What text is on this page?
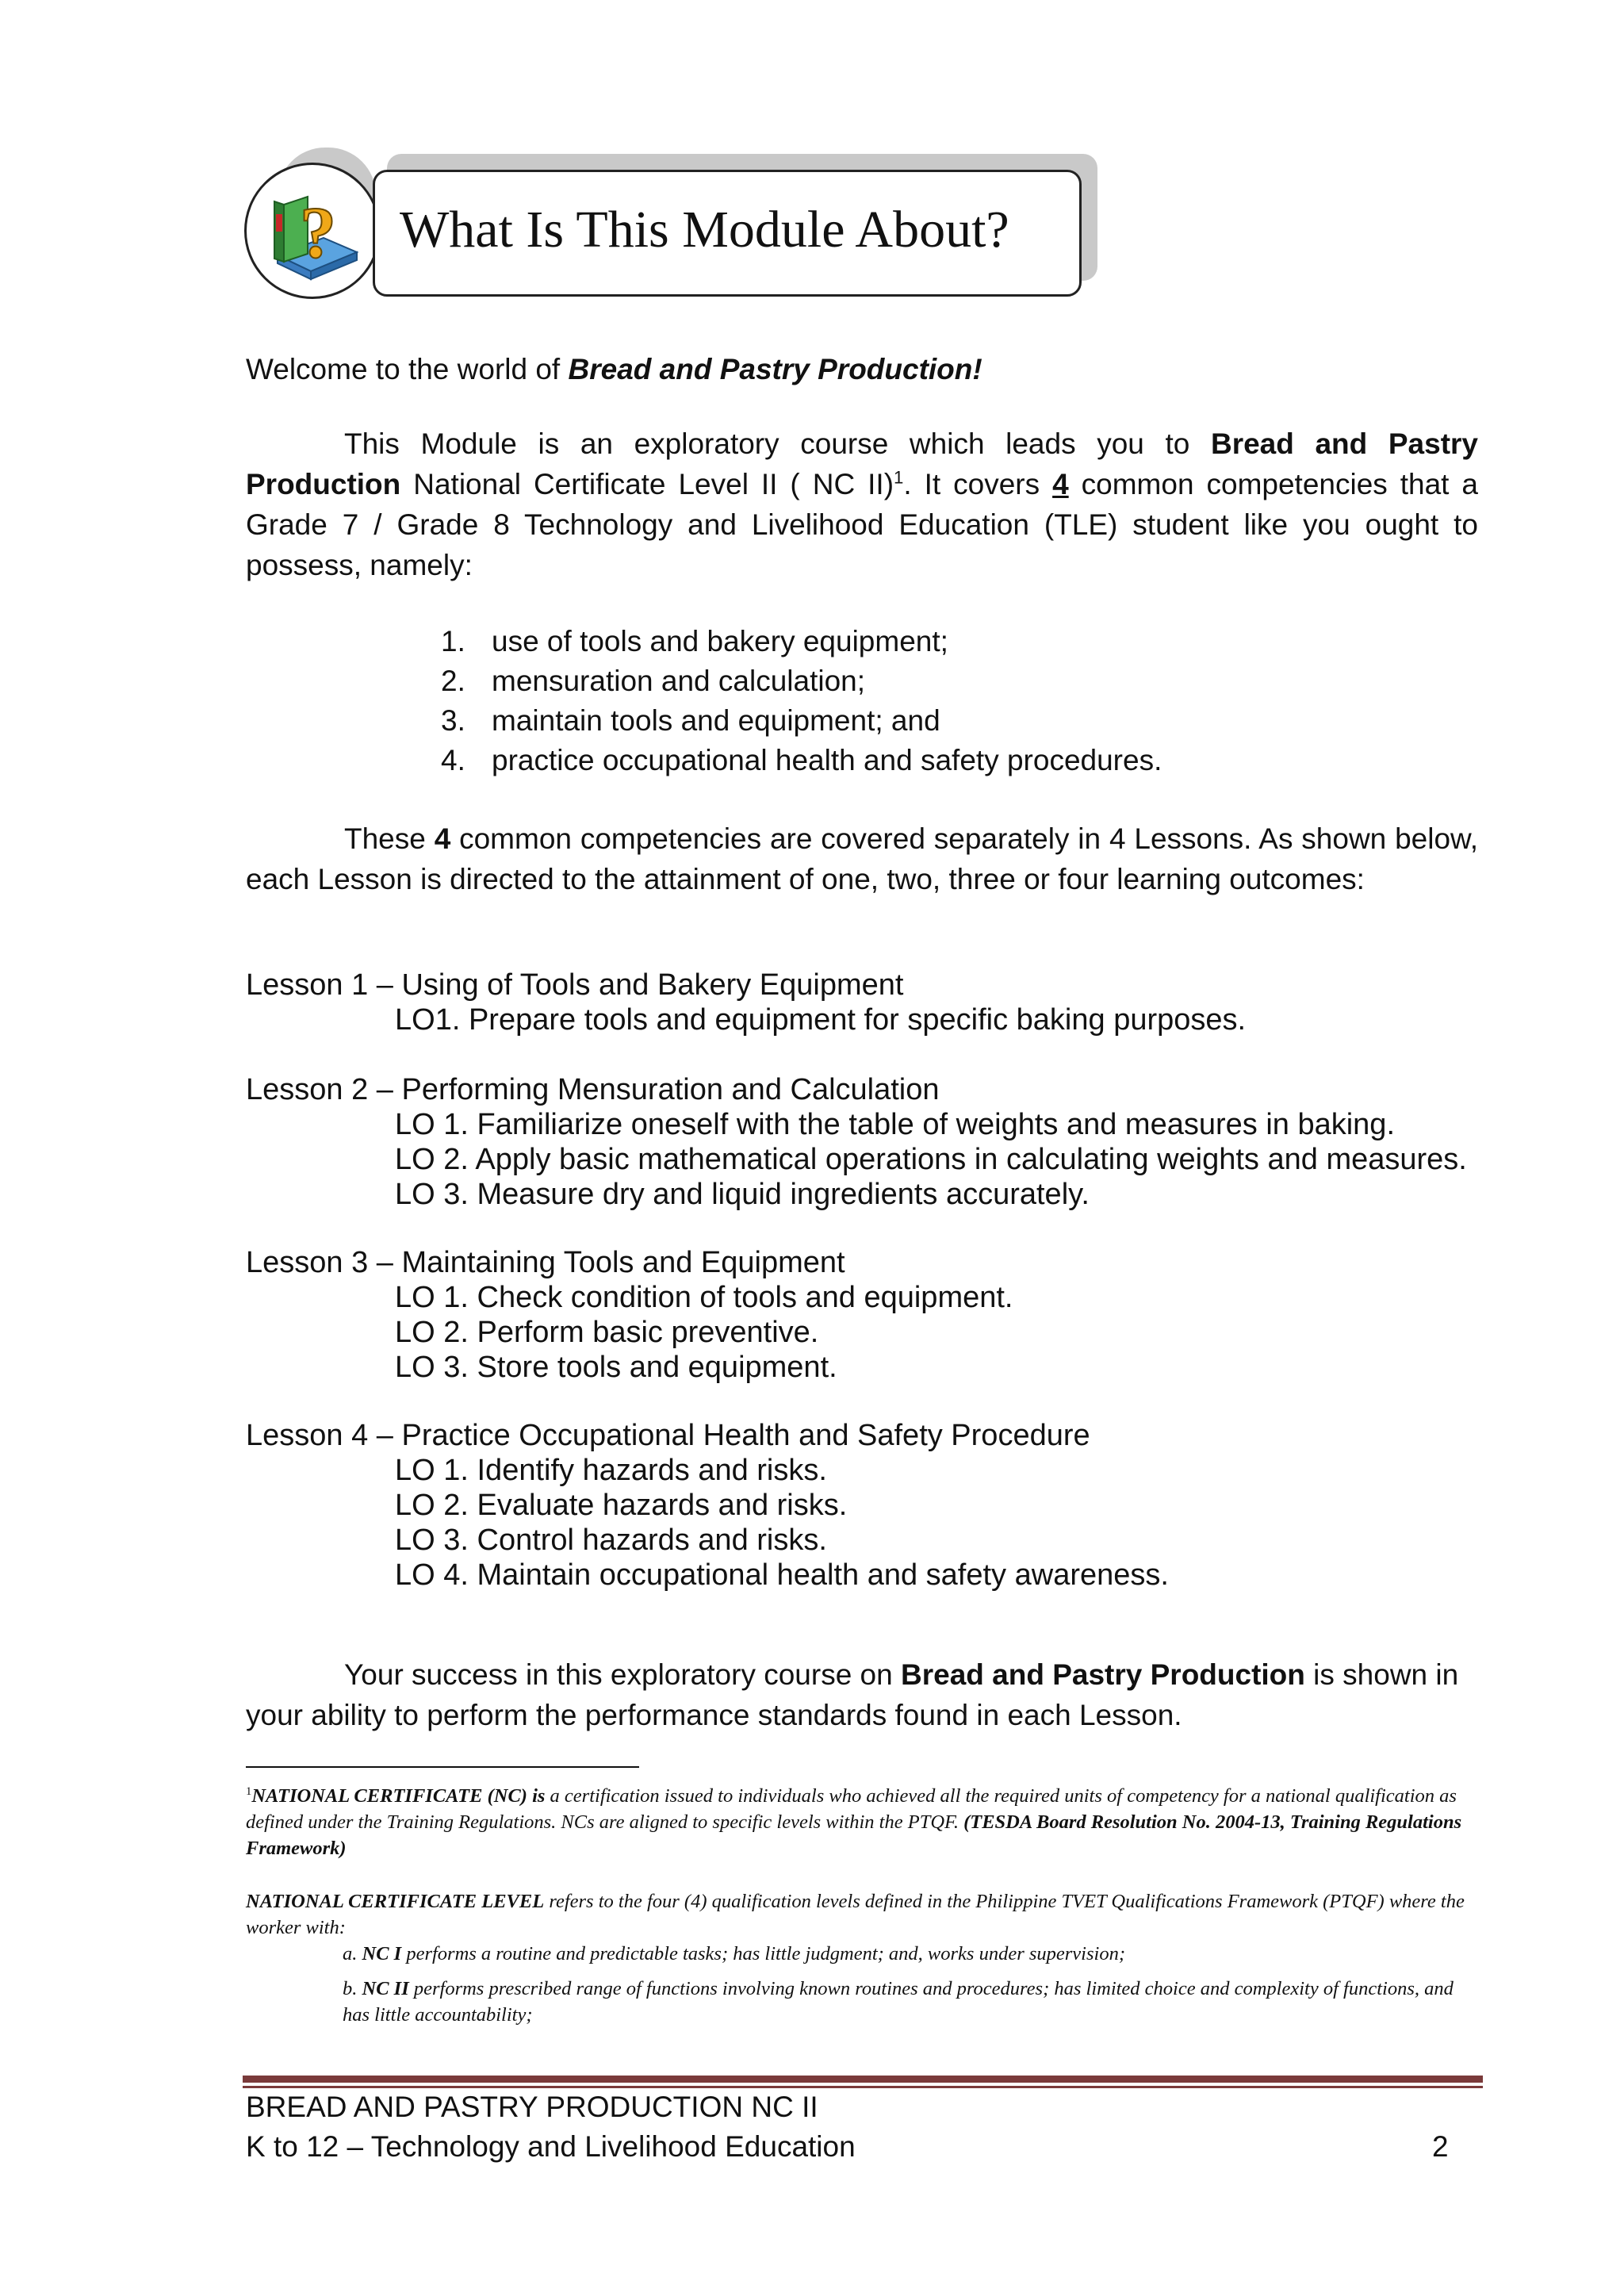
? What Is This Module About?
Welcome to the world of Bread and Pastry Production!
This Module is an exploratory course which leads you to Bread and Pastry Production National Certificate Level II ( NC II)$^1$. It covers 4 common competencies that a Grade 7 / Grade 8 Technology and Livelihood Education (TLE) student like you ought to possess, namely:
1. use of tools and bakery equipment;
2. mensuration and calculation;
3. maintain tools and equipment; and
4. practice occupational health and safety procedures.
These 4 common competencies are covered separately in 4 Lessons. As shown below, each Lesson is directed to the attainment of one, two, three or four learning outcomes:
Lesson 1 – Using of Tools and Bakery Equipment
LO1. Prepare tools and equipment for specific baking purposes.
Lesson 2 – Performing Mensuration and Calculation
LO 1. Familiarize oneself with the table of weights and measures in baking.
LO 2. Apply basic mathematical operations in calculating weights and measures.
LO 3. Measure dry and liquid ingredients accurately.
Lesson 3 – Maintaining Tools and Equipment
LO 1. Check condition of tools and equipment.
LO 2. Perform basic preventive.
LO 3. Store tools and equipment.
Lesson 4 – Practice Occupational Health and Safety Procedure
LO 1. Identify hazards and risks.
LO 2. Evaluate hazards and risks.
LO 3. Control hazards and risks.
LO 4. Maintain occupational health and safety awareness.
Your success in this exploratory course on Bread and Pastry Production is shown in your ability to perform the performance standards found in each Lesson.
$^1$NATIONAL CERTIFICATE (NC) is a certification issued to individuals who achieved all the required units of competency for a national qualification as defined under the Training Regulations. NCs are aligned to specific levels within the PTQF. (TESDA Board Resolution No. 2004-13, Training Regulations Framework)
NATIONAL CERTIFICATE LEVEL refers to the four (4) qualification levels defined in the Philippine TVET Qualifications Framework (PTQF) where the worker with:
a. NC I performs a routine and predictable tasks; has little judgment; and, works under supervision;
b. NC II performs prescribed range of functions involving known routines and procedures; has limited choice and complexity of functions, and has little accountability;
BREAD AND PASTRY PRODUCTION NC II
K to 12 – Technology and Livelihood Education	2
